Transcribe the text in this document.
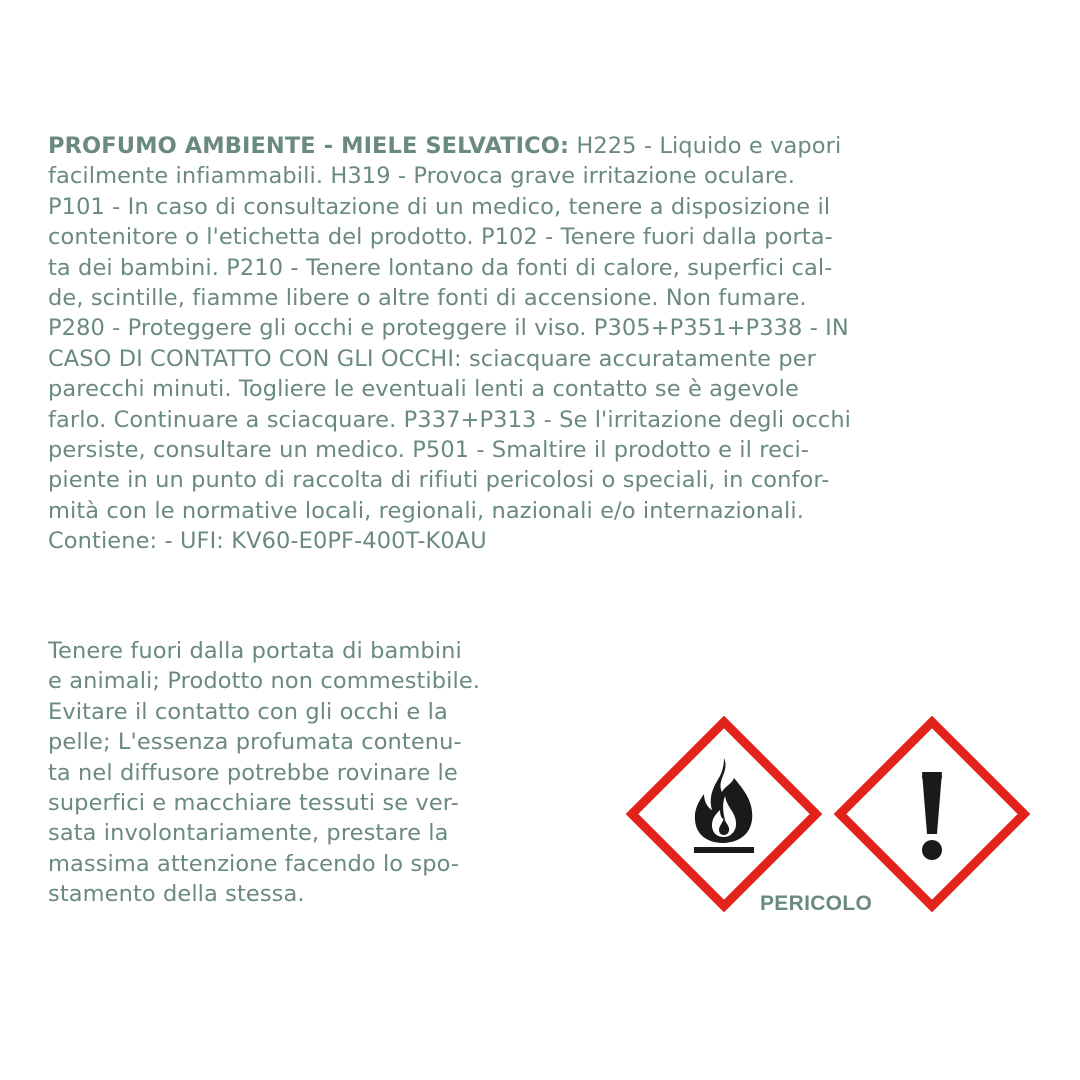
PROFUMO AMBIENTE - MIELE SELVATICO: H225 - Liquido e vapori
facilmente infiammabili. H319 - Provoca grave irritazione oculare.
P101 - In caso di consultazione di un medico, tenere a disposizione il
contenitore o l'etichetta del prodotto. P102 - Tenere fuori dalla porta-
ta dei bambini. P210 - Tenere lontano da fonti di calore, superfici cal-
de, scintille, fiamme libere o altre fonti di accensione. Non fumare.
P280 - Proteggere gli occhi e proteggere il viso. P305+P351+P338 - IN
CASO DI CONTATTO CON GLI OCCHI: sciacquare accuratamente per
parecchi minuti. Togliere le eventuali lenti a contatto se è agevole
farlo. Continuare a sciacquare. P337+P313 - Se l'irritazione degli occhi
persiste, consultare un medico. P501 - Smaltire il prodotto e il reci-
piente in un punto di raccolta di rifiuti pericolosi o speciali, in confor-
mità con le normative locali, regionali, nazionali e/o internazionali.
Contiene: - UFI: KV60-E0PF-400T-K0AU
Tenere fuori dalla portata di bambini
e animali; Prodotto non commestibile.
Evitare il contatto con gli occhi e la
pelle; L'essenza profumata contenu-
ta nel diffusore potrebbe rovinare le
superfici e macchiare tessuti se ver-
sata involontariamente, prestare la
massima attenzione facendo lo spo-
stamento della stessa.	PERICOLO
